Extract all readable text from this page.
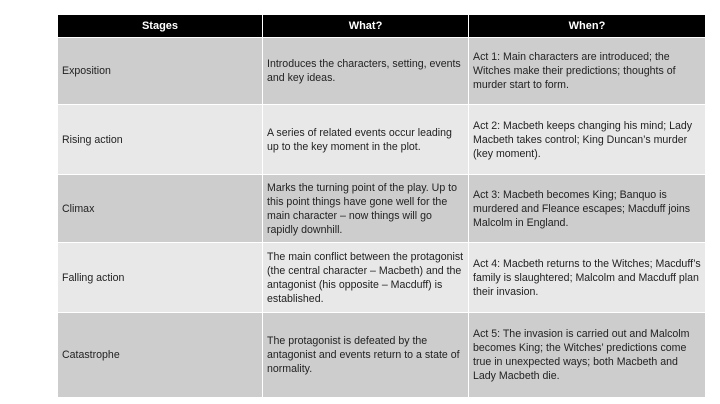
Stages	What?	When?
Exposition	Introduces the characters, setting, events and key ideas.	Act 1: Main characters are introduced; the Witches make their predictions; thoughts of murder start to form.
Rising action	A series of related events occur leading up to the key moment in the plot.	Act 2: Macbeth keeps changing his mind; Lady Macbeth takes control; King Duncan’s murder (key moment).
Climax	Marks the turning point of the play. Up to this point things have gone well for the main character – now things will go rapidly downhill.	Act 3: Macbeth becomes King; Banquo is murdered and Fleance escapes; Macduff joins Malcolm in England.
Falling action	The main conflict between the protagonist (the central character – Macbeth) and the antagonist (his opposite – Macduff) is established.	Act 4: Macbeth returns to the Witches; Macduff’s family is slaughtered; Malcolm and Macduff plan their invasion.
Catastrophe	The protagonist is defeated by the antagonist and events return to a state of normality.	Act 5: The invasion is carried out and Malcolm becomes King; the Witches’ predictions come true in unexpected ways; both Macbeth and Lady Macbeth die.
